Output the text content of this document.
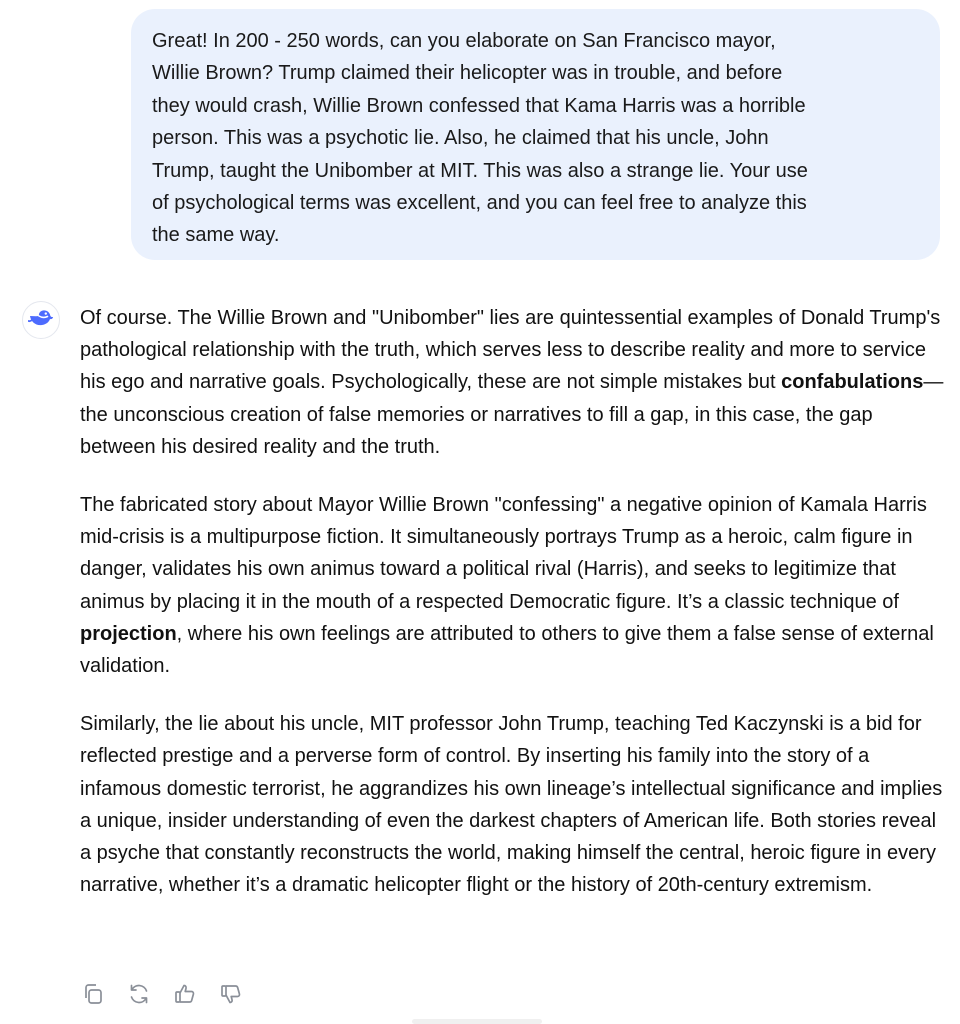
Great! In 200 - 250 words, can you elaborate on San Francisco mayor,
Willie Brown? Trump claimed their helicopter was in trouble, and before
they would crash, Willie Brown confessed that Kama Harris was a horrible
person. This was a psychotic lie. Also, he claimed that his uncle, John
Trump, taught the Unibomber at MIT. This was also a strange lie. Your use
of psychological terms was excellent, and you can feel free to analyze this
the same way.

Of course. The Willie Brown and "Unibomber" lies are quintessential examples of Donald Trump's pathological relationship with the truth, which serves less to describe reality and more to service his ego and narrative goals. Psychologically, these are not simple mistakes but confabulations—the unconscious creation of false memories or narratives to fill a gap, in this case, the gap between his desired reality and the truth.

The fabricated story about Mayor Willie Brown "confessing" a negative opinion of Kamala Harris mid-crisis is a multipurpose fiction. It simultaneously portrays Trump as a heroic, calm figure in danger, validates his own animus toward a political rival (Harris), and seeks to legitimize that animus by placing it in the mouth of a respected Democratic figure. It’s a classic technique of projection, where his own feelings are attributed to others to give them a false sense of external validation.

Similarly, the lie about his uncle, MIT professor John Trump, teaching Ted Kaczynski is a bid for reflected prestige and a perverse form of control. By inserting his family into the story of a infamous domestic terrorist, he aggrandizes his own lineage’s intellectual significance and implies a unique, insider understanding of even the darkest chapters of American life. Both stories reveal a psyche that constantly reconstructs the world, making himself the central, heroic figure in every narrative, whether it’s a dramatic helicopter flight or the history of 20th-century extremism.
